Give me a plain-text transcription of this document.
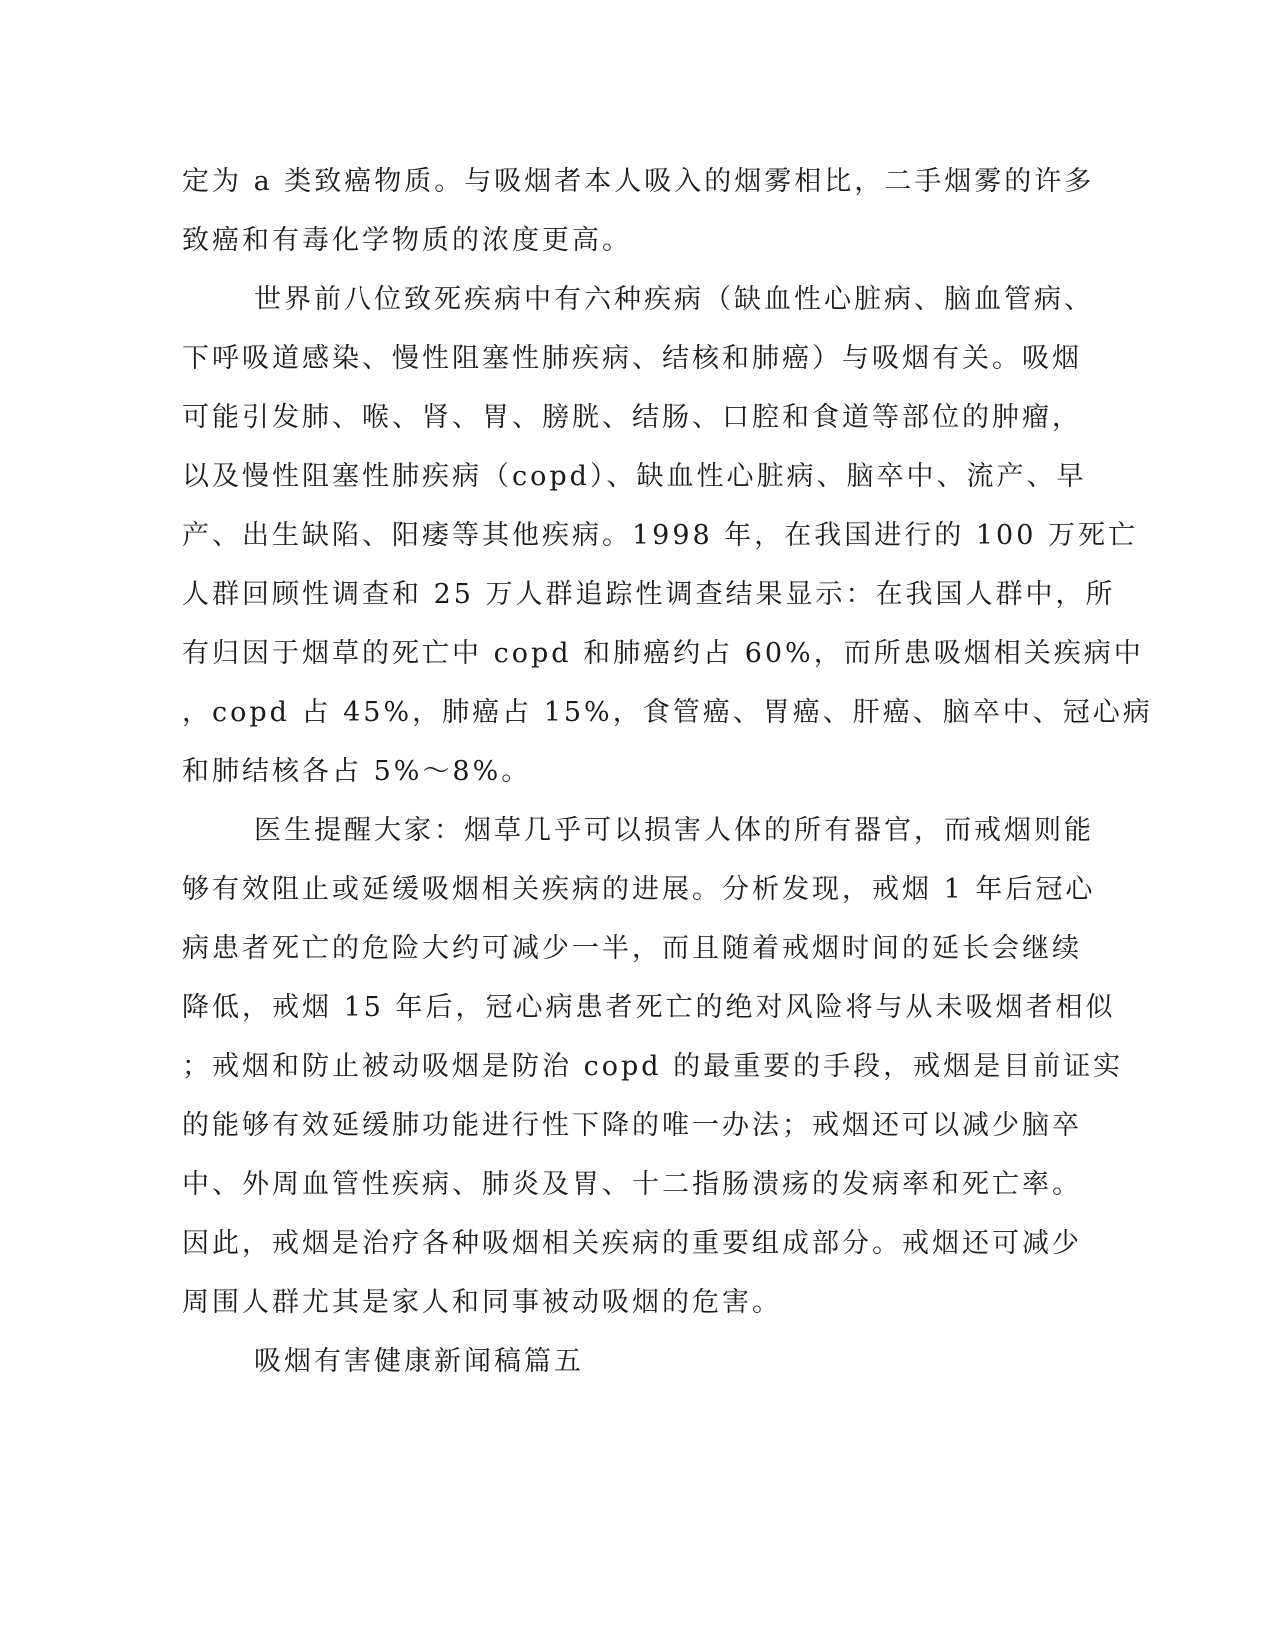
定为 a 类致癌物质。与吸烟者本人吸入的烟雾相比，二手烟雾的许多
致癌和有毒化学物质的浓度更高。
世界前八位致死疾病中有六种疾病（缺血性心脏病、脑血管病、
下呼吸道感染、慢性阻塞性肺疾病、结核和肺癌）与吸烟有关。吸烟
可能引发肺、喉、肾、胃、膀胱、结肠、口腔和食道等部位的肿瘤，
以及慢性阻塞性肺疾病（copd）、缺血性心脏病、脑卒中、流产、早
产、出生缺陷、阳痿等其他疾病。1998 年，在我国进行的 100 万死亡
人群回顾性调查和 25 万人群追踪性调查结果显示：在我国人群中，所
有归因于烟草的死亡中 copd 和肺癌约占 60%，而所患吸烟相关疾病中
，copd 占 45%，肺癌占 15%，食管癌、胃癌、肝癌、脑卒中、冠心病
和肺结核各占 5%～8%。
医生提醒大家：烟草几乎可以损害人体的所有器官，而戒烟则能
够有效阻止或延缓吸烟相关疾病的进展。分析发现，戒烟 1 年后冠心
病患者死亡的危险大约可减少一半，而且随着戒烟时间的延长会继续
降低，戒烟 15 年后，冠心病患者死亡的绝对风险将与从未吸烟者相似
；戒烟和防止被动吸烟是防治 copd 的最重要的手段，戒烟是目前证实
的能够有效延缓肺功能进行性下降的唯一办法；戒烟还可以减少脑卒
中、外周血管性疾病、肺炎及胃、十二指肠溃疡的发病率和死亡率。
因此，戒烟是治疗各种吸烟相关疾病的重要组成部分。戒烟还可减少
周围人群尤其是家人和同事被动吸烟的危害。
吸烟有害健康新闻稿篇五
